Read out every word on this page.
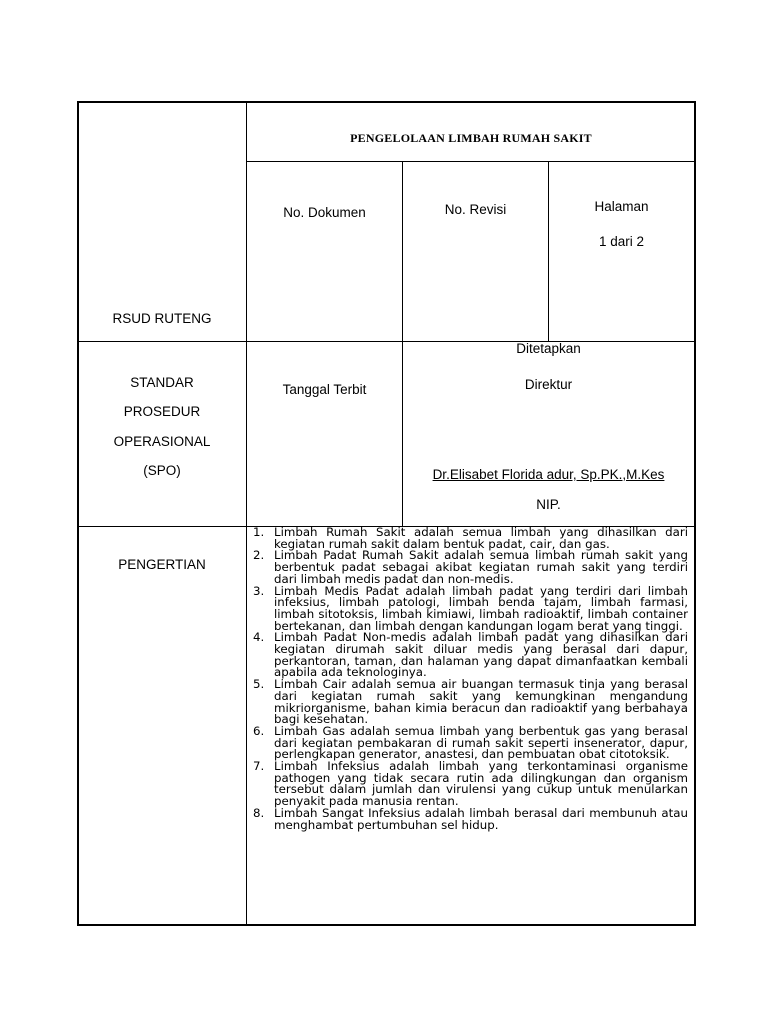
PENGELOLAAN LIMBAH RUMAH SAKIT
RSUD RUTENG
No. Dokumen	No. Revisi	Halaman
1 dari 2
STANDAR
PROSEDUR
OPERASIONAL
(SPO)
Tanggal Terbit
Ditetapkan
Direktur
Dr.Elisabet Florida adur, Sp.PK.,M.Kes
NIP.
PENGERTIAN
1. Limbah Rumah Sakit adalah semua limbah yang dihasilkan dari kegiatan rumah sakit dalam bentuk padat, cair, dan gas.
2. Limbah Padat Rumah Sakit adalah semua limbah rumah sakit yang berbentuk padat sebagai akibat kegiatan rumah sakit yang terdiri dari limbah medis padat dan non-medis.
3. Limbah Medis Padat adalah limbah padat yang terdiri dari limbah infeksius, limbah patologi, limbah benda tajam, limbah farmasi, limbah sitotoksis, limbah kimiawi, limbah radioaktif, limbah container bertekanan, dan limbah dengan kandungan logam berat yang tinggi.
4. Limbah Padat Non-medis adalah limbah padat yang dihasilkan dari kegiatan dirumah sakit diluar medis yang berasal dari dapur, perkantoran, taman, dan halaman yang dapat dimanfaatkan kembali apabila ada teknologinya.
5. Limbah Cair adalah semua air buangan termasuk tinja yang berasal dari kegiatan rumah sakit yang kemungkinan mengandung mikriorganisme, bahan kimia beracun dan radioaktif yang berbahaya bagi kesehatan.
6. Limbah Gas adalah semua limbah yang berbentuk gas yang berasal dari kegiatan pembakaran di rumah sakit seperti insenerator, dapur, perlengkapan generator, anastesi, dan pembuatan obat citotoksik.
7. Limbah Infeksius adalah limbah yang terkontaminasi organisme pathogen yang tidak secara rutin ada dilingkungan dan organism tersebut dalam jumlah dan virulensi yang cukup untuk menularkan penyakit pada manusia rentan.
8. Limbah Sangat Infeksius adalah limbah berasal dari membunuh atau menghambat pertumbuhan sel hidup.
